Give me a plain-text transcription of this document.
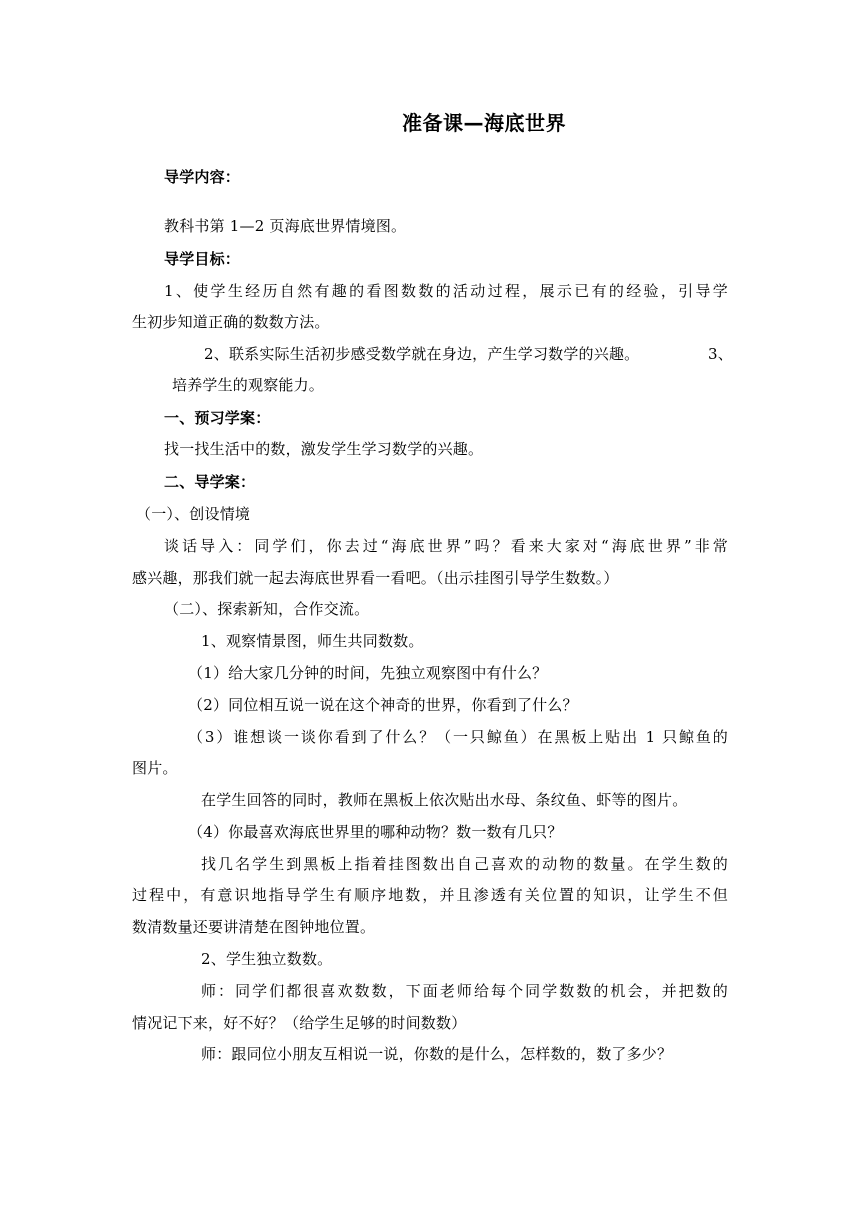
准备课—海底世界
导学内容：
教科书第 1—2 页海底世界情境图。
导学目标：
1、使学生经历自然有趣的看图数数的活动过程，展示已有的经验，引导学
生初步知道正确的数数方法。
2、联系实际生活初步感受数学就在身边，产生学习数学的兴趣。	3、
培养学生的观察能力。
一、预习学案：
找一找生活中的数，激发学生学习数学的兴趣。
二、导学案：
（一）、创设情境
谈话导入：同学们，你去过“海底世界”吗？看来大家对“海底世界”非常
感兴趣，那我们就一起去海底世界看一看吧。（出示挂图引导学生数数。）
（二）、探索新知，合作交流。
1、观察情景图，师生共同数数。
（1）给大家几分钟的时间，先独立观察图中有什么？
（2）同位相互说一说在这个神奇的世界，你看到了什么？
（3）谁想谈一谈你看到了什么？（一只鲸鱼）在黑板上贴出 1 只鲸鱼的
图片。
在学生回答的同时，教师在黑板上依次贴出水母、条纹鱼、虾等的图片。
（4）你最喜欢海底世界里的哪种动物？数一数有几只？
找几名学生到黑板上指着挂图数出自己喜欢的动物的数量。在学生数的
过程中，有意识地指导学生有顺序地数，并且渗透有关位置的知识，让学生不但
数清数量还要讲清楚在图钟地位置。
2、学生独立数数。
师：同学们都很喜欢数数，下面老师给每个同学数数的机会，并把数的
情况记下来，好不好？（给学生足够的时间数数）
师：跟同位小朋友互相说一说，你数的是什么，怎样数的，数了多少？
